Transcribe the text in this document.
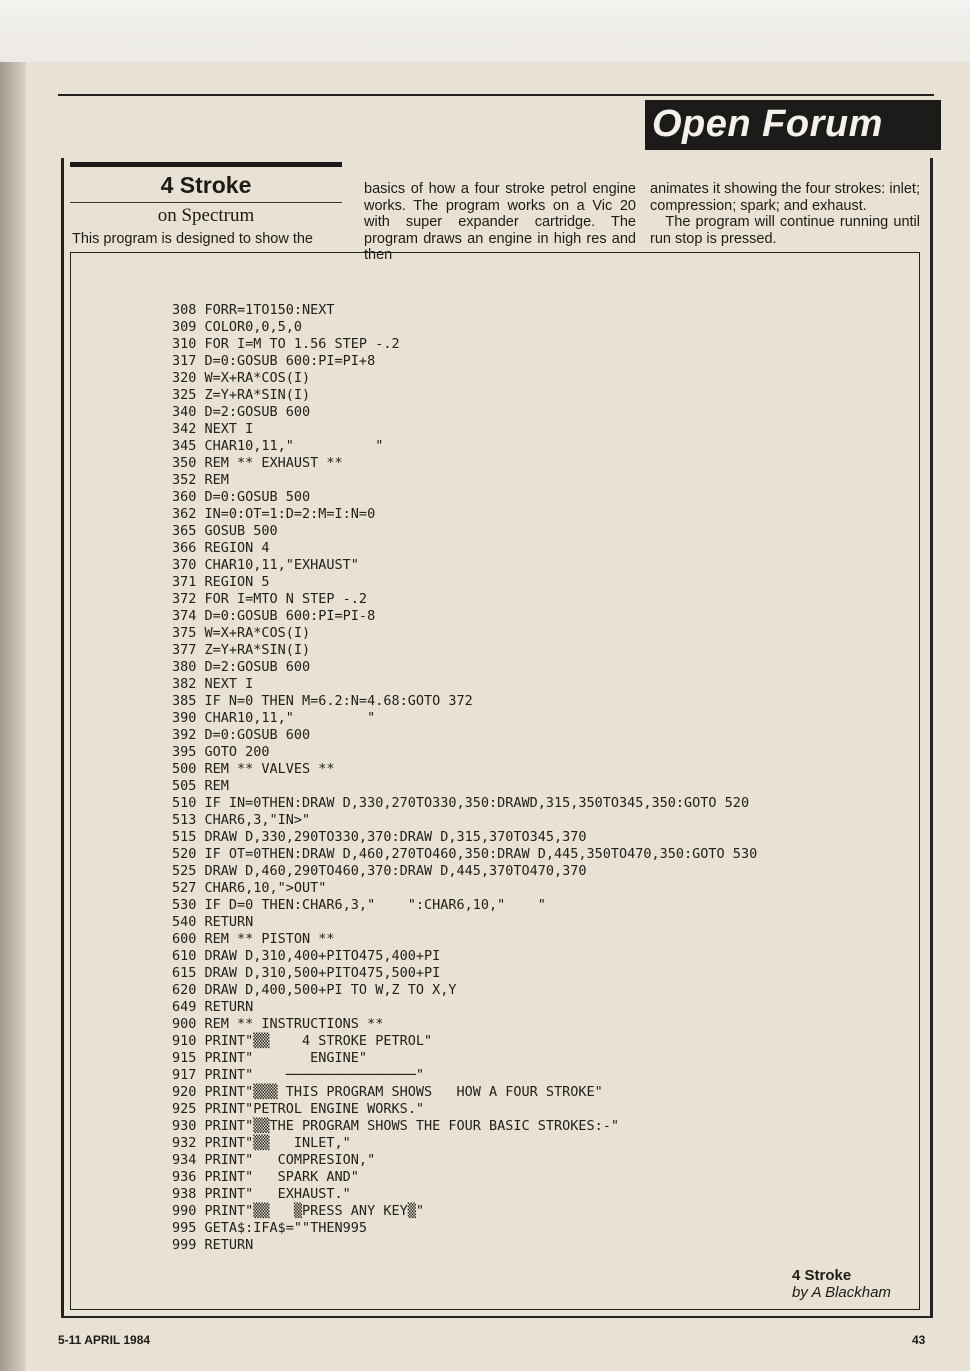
Open Forum
4 Stroke
on Spectrum
This program is designed to show the
basics of how a four stroke petrol engine works. The program works on a Vic 20 with super expander cartridge. The program draws an engine in high res and then
animates it showing the four strokes: inlet; compression; spark; and exhaust.
The program will continue running until run stop is pressed.
308 FORR=1TO150:NEXT
309 COLOR0,0,5,0
310 FOR I=M TO 1.56 STEP -.2
317 D=0:GOSUB 600:PI=PI+8
320 W=X+RA*COS(I)
325 Z=Y+RA*SIN(I)
340 D=2:GOSUB 600
342 NEXT I
345 CHAR10,11,"          "
350 REM ** EXHAUST **
352 REM
360 D=0:GOSUB 500
362 IN=0:OT=1:D=2:M=I:N=0
365 GOSUB 500
366 REGION 4
370 CHAR10,11,"EXHAUST"
371 REGION 5
372 FOR I=MTO N STEP -.2
374 D=0:GOSUB 600:PI=PI-8
375 W=X+RA*COS(I)
377 Z=Y+RA*SIN(I)
380 D=2:GOSUB 600
382 NEXT I
385 IF N=0 THEN M=6.2:N=4.68:GOTO 372
390 CHAR10,11,"         "
392 D=0:GOSUB 600
395 GOTO 200
500 REM ** VALVES **
505 REM
510 IF IN=0THEN:DRAW D,330,270TO330,350:DRAWD,315,350TO345,350:GOTO 520
513 CHAR6,3,"IN>"
515 DRAW D,330,290TO330,370:DRAW D,315,370TO345,370
520 IF OT=0THEN:DRAW D,460,270TO460,350:DRAW D,445,350TO470,350:GOTO 530
525 DRAW D,460,290TO460,370:DRAW D,445,370TO470,370
527 CHAR6,10,">OUT"
530 IF D=0 THEN:CHAR6,3,"    ":CHAR6,10,"    "
540 RETURN
600 REM ** PISTON **
610 DRAW D,310,400+PITO475,400+PI
615 DRAW D,310,500+PITO475,500+PI
620 DRAW D,400,500+PI TO W,Z TO X,Y
649 RETURN
900 REM ** INSTRUCTIONS **
910 PRINT"▒▒    4 STROKE PETROL"
915 PRINT"       ENGINE"
917 PRINT"    ────────────────"
920 PRINT"▒▒▒ THIS PROGRAM SHOWS   HOW A FOUR STROKE"
925 PRINT"PETROL ENGINE WORKS."
930 PRINT"▒▒THE PROGRAM SHOWS THE FOUR BASIC STROKES:-"
932 PRINT"▒▒   INLET,"
934 PRINT"   COMPRESION,"
936 PRINT"   SPARK AND"
938 PRINT"   EXHAUST."
990 PRINT"▒▒   ▒PRESS ANY KEY▒"
995 GETA$:IFA$=""THEN995
999 RETURN
4 Stroke
by A Blackham
5-11 APRIL 1984	43
